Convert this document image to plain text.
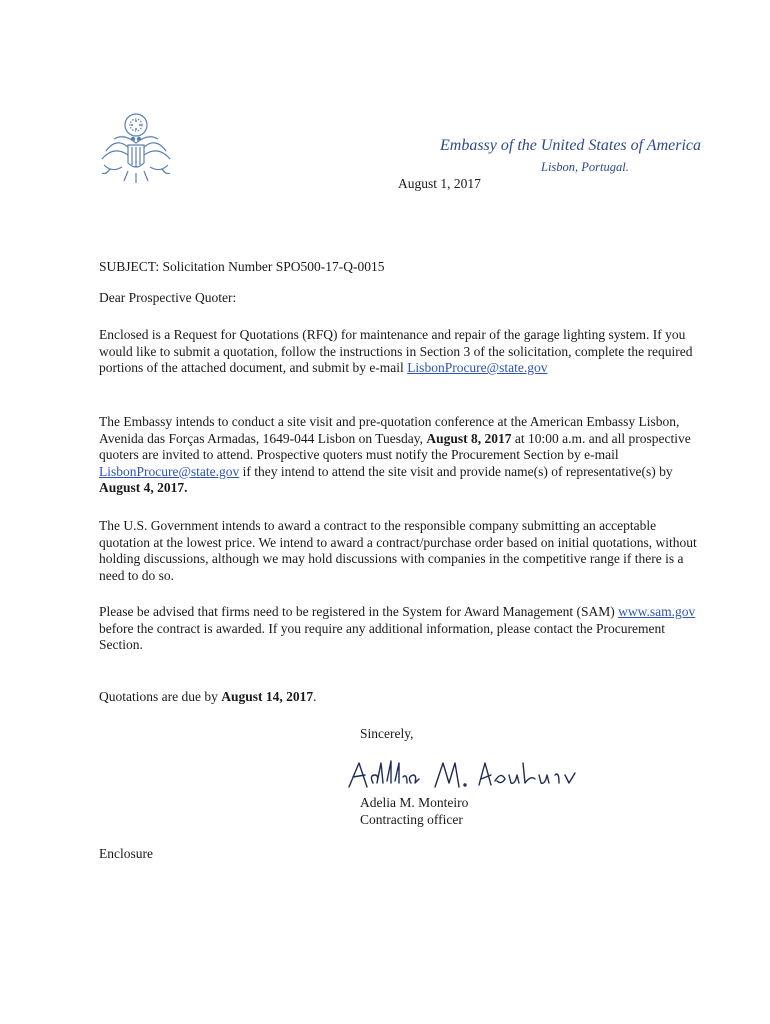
Embassy of the United States of America
Lisbon, Portugal.
August 1, 2017

SUBJECT: Solicitation Number SPO500-17-Q-0015

Dear Prospective Quoter:

Enclosed is a Request for Quotations (RFQ) for maintenance and repair of the garage lighting system. If you would like to submit a quotation, follow the instructions in Section 3 of the solicitation, complete the required portions of the attached document, and submit by e-mail LisbonProcure@state.gov

The Embassy intends to conduct a site visit and pre-quotation conference at the American Embassy Lisbon, Avenida das Forças Armadas, 1649-044 Lisbon on Tuesday, August 8, 2017 at 10:00 a.m. and all prospective quoters are invited to attend. Prospective quoters must notify the Procurement Section by e-mail LisbonProcure@state.gov if they intend to attend the site visit and provide name(s) of representative(s) by August 4, 2017.

The U.S. Government intends to award a contract to the responsible company submitting an acceptable quotation at the lowest price. We intend to award a contract/purchase order based on initial quotations, without holding discussions, although we may hold discussions with companies in the competitive range if there is a need to do so.

Please be advised that firms need to be registered in the System for Award Management (SAM) www.sam.gov before the contract is awarded. If you require any additional information, please contact the Procurement Section.

Quotations are due by August 14, 2017.

Sincerely,
Adelia M. Monteiro
Contracting officer
Enclosure
